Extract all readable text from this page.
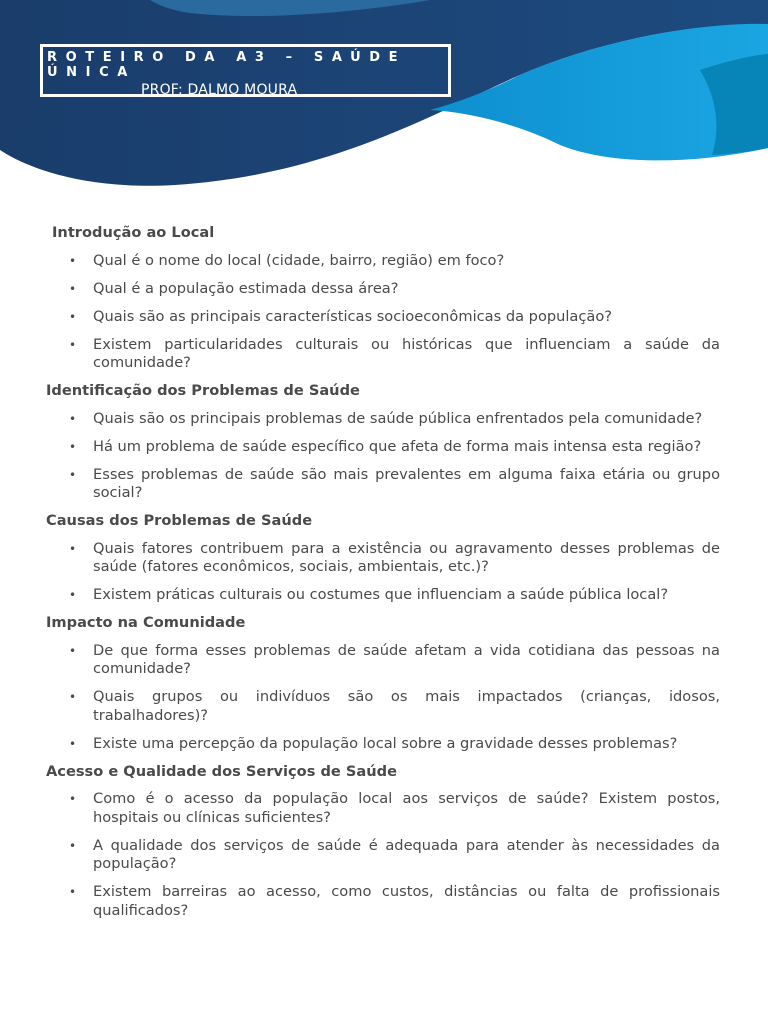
ROTEIRO DA A3 – SAÚDE ÚNICA
PROF: DALMO MOURA
Introdução ao Local
• Qual é o nome do local (cidade, bairro, região) em foco?
• Qual é a população estimada dessa área?
• Quais são as principais características socioeconômicas da população?
• Existem particularidades culturais ou históricas que influenciam a saúde da comunidade?
Identificação dos Problemas de Saúde
• Quais são os principais problemas de saúde pública enfrentados pela comunidade?
• Há um problema de saúde específico que afeta de forma mais intensa esta região?
• Esses problemas de saúde são mais prevalentes em alguma faixa etária ou grupo social?
Causas dos Problemas de Saúde
• Quais fatores contribuem para a existência ou agravamento desses problemas de saúde (fatores econômicos, sociais, ambientais, etc.)?
• Existem práticas culturais ou costumes que influenciam a saúde pública local?
Impacto na Comunidade
• De que forma esses problemas de saúde afetam a vida cotidiana das pessoas na comunidade?
• Quais grupos ou indivíduos são os mais impactados (crianças, idosos, trabalhadores)?
• Existe uma percepção da população local sobre a gravidade desses problemas?
Acesso e Qualidade dos Serviços de Saúde
• Como é o acesso da população local aos serviços de saúde? Existem postos, hospitais ou clínicas suficientes?
• A qualidade dos serviços de saúde é adequada para atender às necessidades da população?
• Existem barreiras ao acesso, como custos, distâncias ou falta de profissionais qualificados?
